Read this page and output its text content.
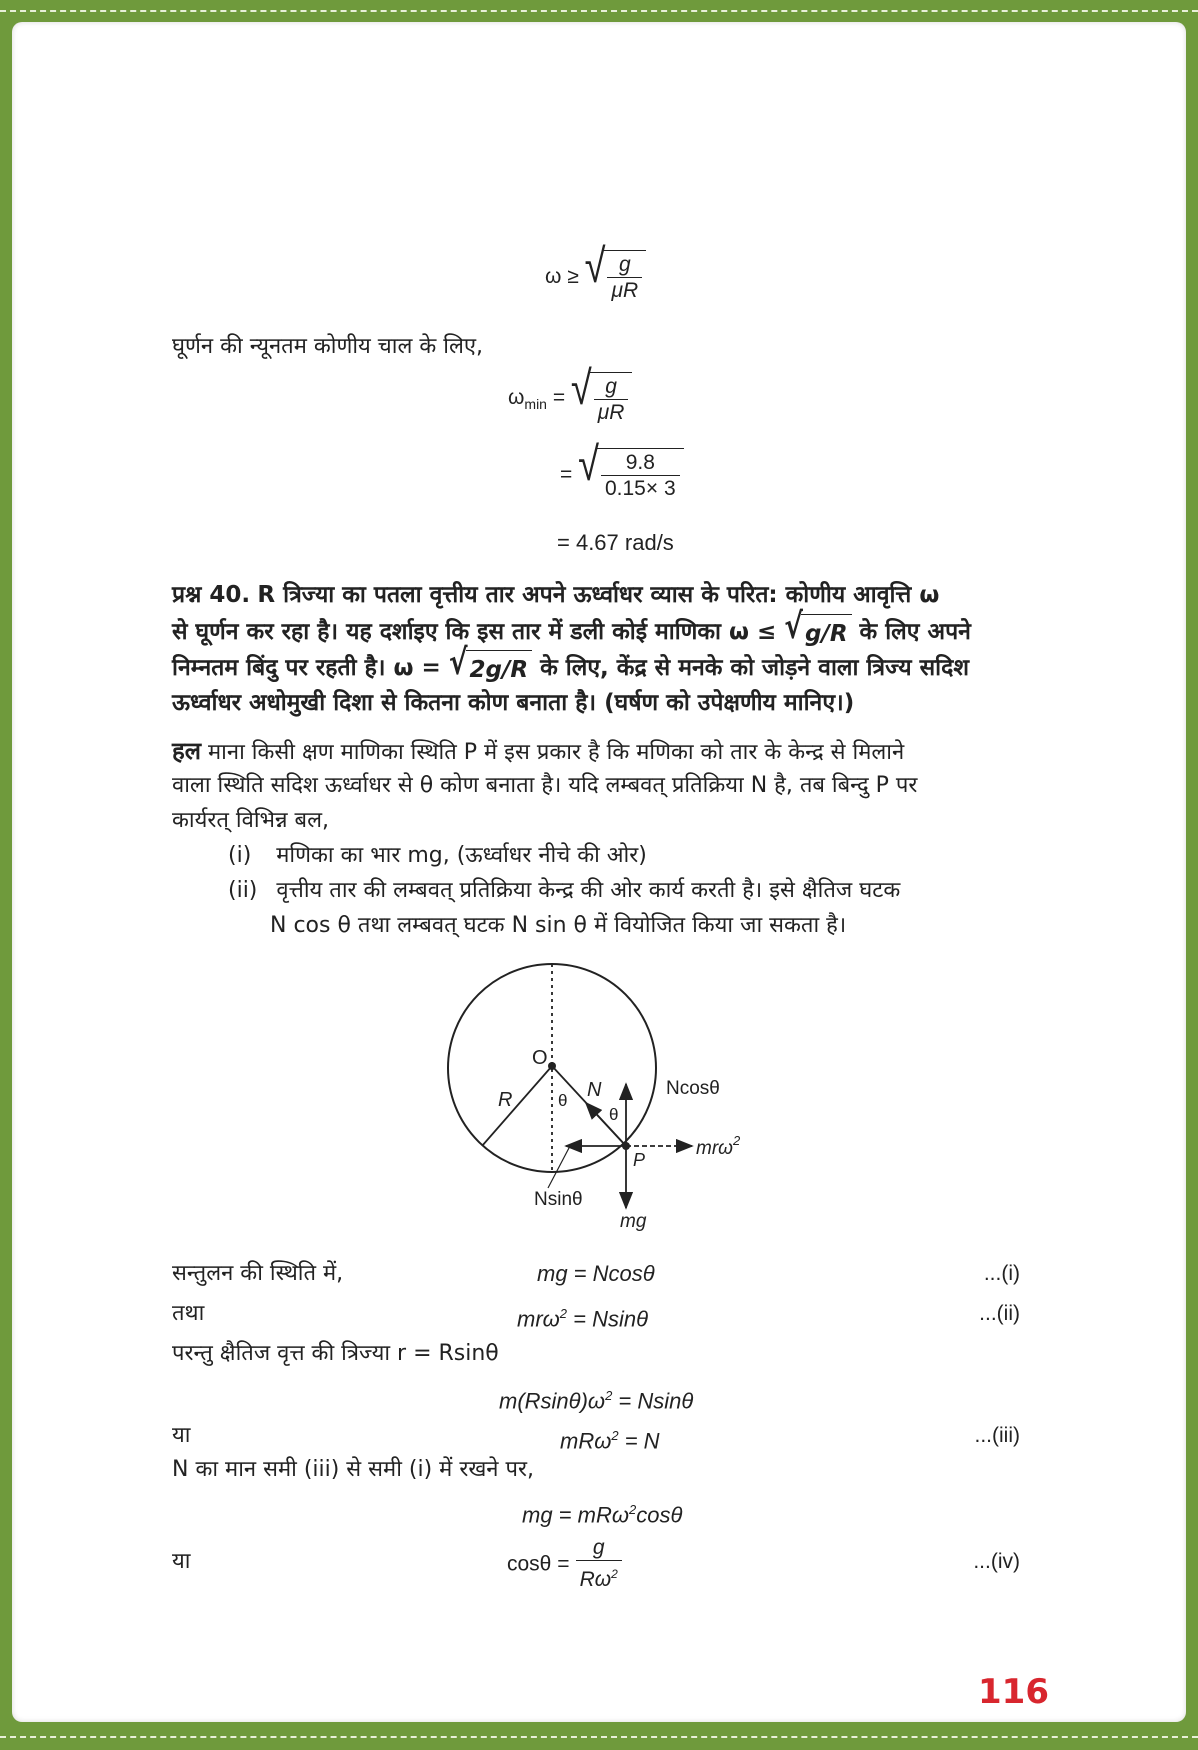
ω ≥ √ $\frac{g}{\mu R}$
घूर्णन की न्यूनतम कोणीय चाल के लिए,
$\omega_{min}$ = √ $\frac{g}{\mu R}$
= √ $\frac{9.8}{0.15\times 3}$
= 4.67 rad/s
प्रश्न 40. R त्रिज्या का पतला वृत्तीय तार अपने ऊर्ध्वाधर व्यास के परित: कोणीय आवृत्ति ω
से घूर्णन कर रहा है। यह दर्शाइए कि इस तार में डली कोई माणिका ω ≤ √ g/R के लिए अपने
निम्नतम बिंदु पर रहती है। ω = √ 2g/R के लिए, केंद्र से मनके को जोड़ने वाला त्रिज्य सदिश
ऊर्ध्वाधर अधोमुखी दिशा से कितना कोण बनाता है। (घर्षण को उपेक्षणीय मानिए।)
हल माना किसी क्षण माणिका स्थिति P में इस प्रकार है कि मणिका को तार के केन्द्र से मिलाने
वाला स्थिति सदिश ऊर्ध्वाधर से θ कोण बनाता है। यदि लम्बवत् प्रतिक्रिया N है, तब बिन्दु P पर
कार्यरत् विभिन्न बल,
(i) मणिका का भार mg, (ऊर्ध्वाधर नीचे की ओर)
(ii) वृत्तीय तार की लम्बवत् प्रतिक्रिया केन्द्र की ओर कार्य करती है। इसे क्षैतिज घटक
N cos θ तथा लम्बवत् घटक N sin θ में वियोजित किया जा सकता है।
O
R	θ N
θ
Ncosθ
mrω$^2$
P
Nsinθ
mg
सन्तुलन की स्थिति में,	mg = Ncosθ	...(i)
तथा	mrω$^2$ = Nsinθ	...(ii)
परन्तु क्षैतिज वृत्त की त्रिज्या r = Rsinθ
$m(Rsin\theta)\omega^2 = Nsin\theta$
या	mRω$^2$ = N	...(iii)
N का मान समी (iii) से समी (i) में रखने पर,
mg = mRω$^2$cosθ
या	$\cos\theta = \frac{g}{R\omega^2}$	...(iv)
116
